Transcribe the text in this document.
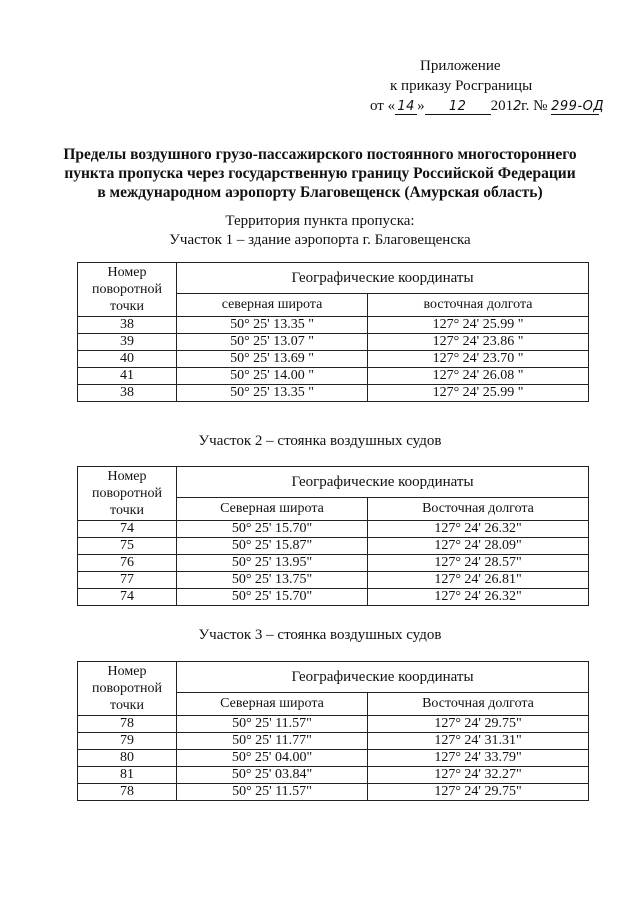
Приложение
к приказу Росграницы
от « 14 » 12 2012г. № 299-ОД
Пределы воздушного грузо-пассажирского постоянного многостороннего
пункта пропуска через государственную границу Российской Федерации
в международном аэропорту Благовещенск (Амурская область)
Территория пункта пропуска:
Участок 1 – здание аэропорта г. Благовещенска
Номер поворотной точки	Географические координаты	
	северная широта	восточная долгота
38	50° 25' 13.35 "	127° 24' 25.99 "
39	50° 25' 13.07 "	127° 24' 23.86 "
40	50° 25' 13.69 "	127° 24' 23.70 "
41	50° 25' 14.00 "	127° 24' 26.08 "
38	50° 25' 13.35 "	127° 24' 25.99 "
Участок 2 – стоянка воздушных судов
Номер поворотной точки	Географические координаты	
	Северная широта	Восточная долгота
74	50° 25' 15.70"	127° 24' 26.32"
75	50° 25' 15.87"	127° 24' 28.09"
76	50° 25' 13.95"	127° 24' 28.57"
77	50° 25' 13.75"	127° 24' 26.81"
74	50° 25' 15.70"	127° 24' 26.32"
Участок 3 – стоянка воздушных судов
Номер поворотной точки	Географические координаты	
	Северная широта	Восточная долгота
78	50° 25' 11.57"	127° 24' 29.75"
79	50° 25' 11.77"	127° 24' 31.31"
80	50° 25' 04.00"	127° 24' 33.79"
81	50° 25' 03.84"	127° 24' 32.27"
78	50° 25' 11.57"	127° 24' 29.75"
